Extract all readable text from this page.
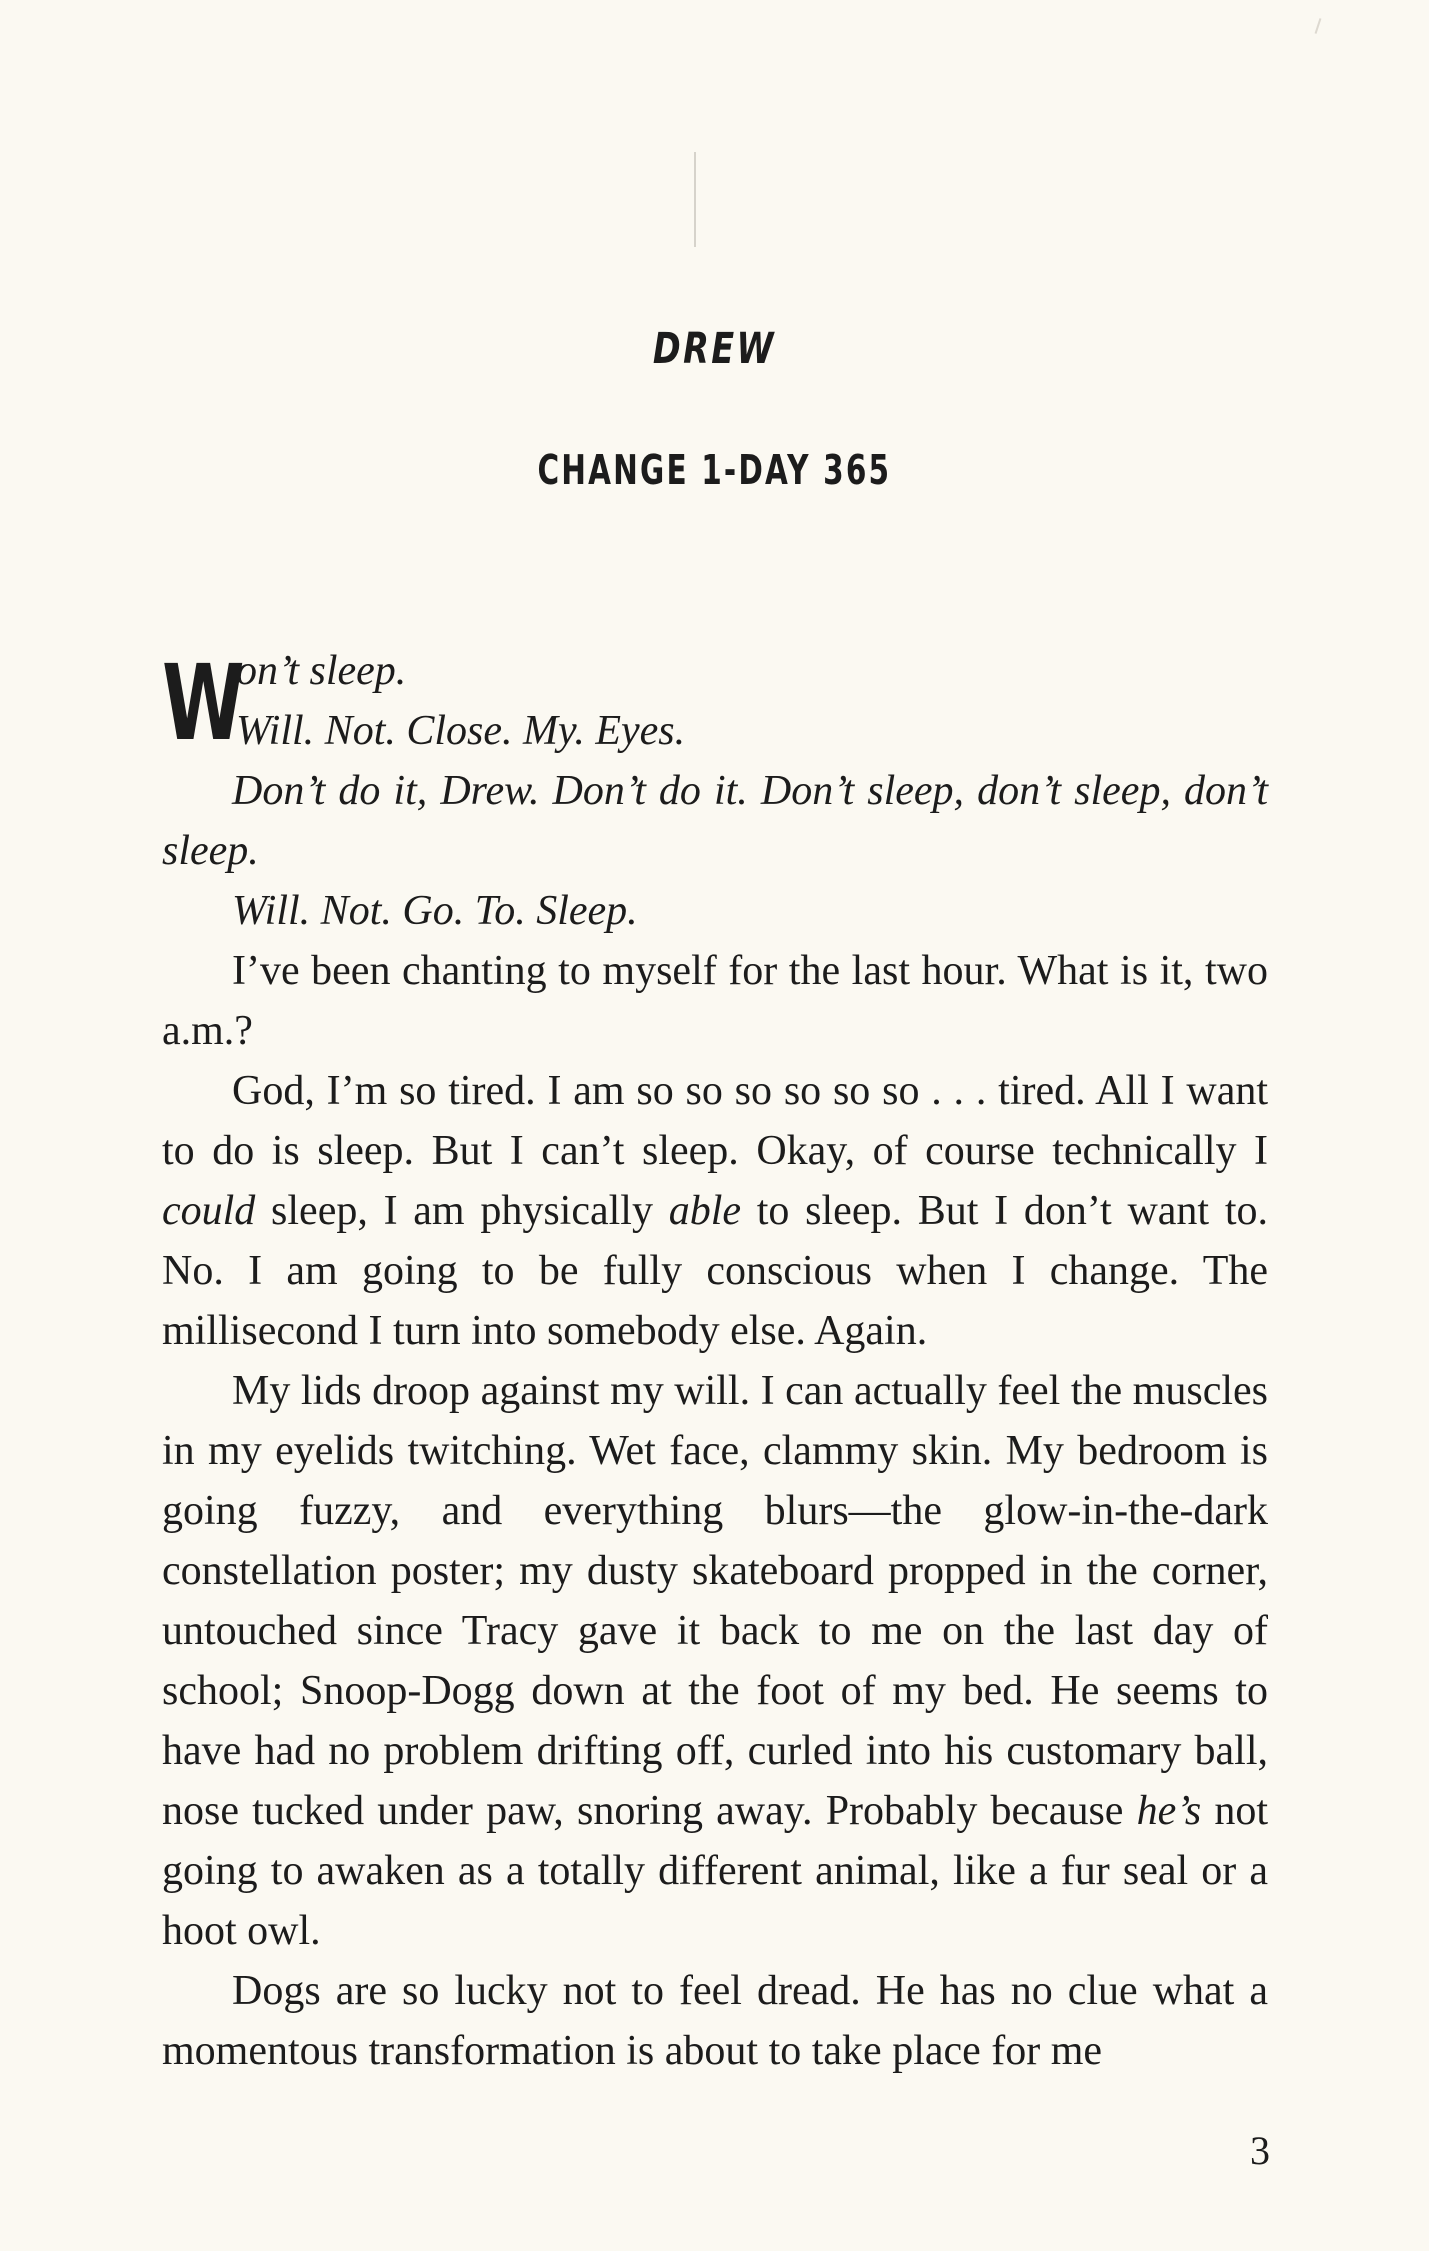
DREW
CHANGE 1-DAY 365

W
on’t sleep.

Will. Not. Close. My. Eyes.

Don’t do it, Drew. Don’t do it. Don’t sleep, don’t sleep, don’t sleep.

Will. Not. Go. To. Sleep.

I’ve been chanting to myself for the last hour. What is it, two a.m.?

God, I’m so tired. I am so so so so so so . . . tired. All I want to do is sleep. But I can’t sleep. Okay, of course technically I could sleep, I am physically able to sleep. But I don’t want to. No. I am going to be fully conscious when I change. The millisecond I turn into somebody else. Again.

My lids droop against my will. I can actually feel the muscles in my eyelids twitching. Wet face, clammy skin. My bedroom is going fuzzy, and everything blurs—the glow-in-the-dark constellation poster; my dusty skateboard propped in the corner, untouched since Tracy gave it back to me on the last day of school; Snoop-Dogg down at the foot of my bed. He seems to have had no problem drifting off, curled into his customary ball, nose tucked under paw, snoring away. Probably because he’s not going to awaken as a totally different animal, like a fur seal or a hoot owl.

Dogs are so lucky not to feel dread. He has no clue what a momentous transformation is about to take place for me

3
